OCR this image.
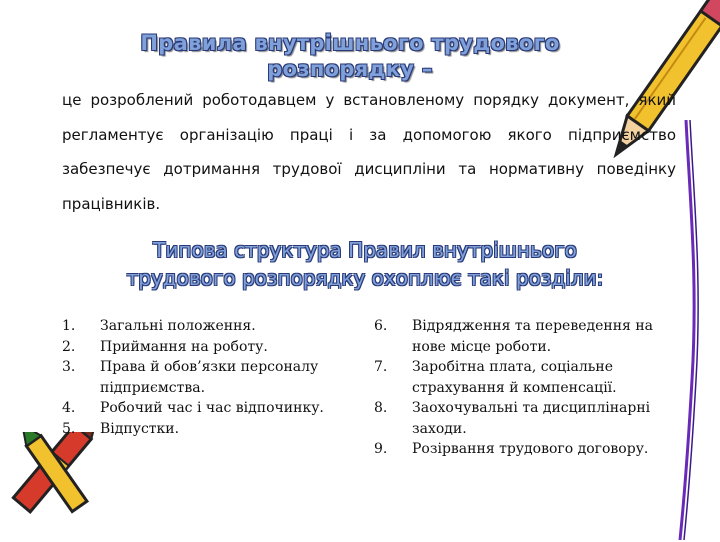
Правила внутрішнього трудового
розпорядку –
це розроблений роботодавцем у встановленому порядку документ, який регламентує організацію праці і за допомогою якого підприємство забезпечує дотримання трудової дисципліни та нормативну поведінку працівників.
Типова структура Правил внутрішнього
трудового розпорядку охоплює такі розділи:
1.	Загальні положення.
2.	Приймання на роботу.
3.	Права й обов’язки персоналу підприємства.
4.	Робочий час і час відпочинку.
5.	Відпустки.
6.	Відрядження та переведення на нове місце роботи.
7.	Заробітна плата, соціальне страхування й компенсації.
8.	Заохочувальні та дисциплінарні заходи.
9.	Розірвання трудового договору.
